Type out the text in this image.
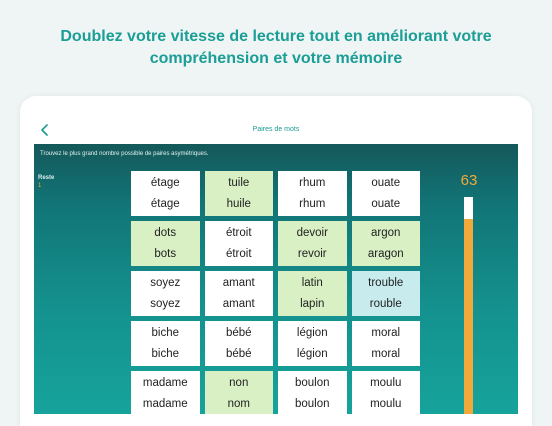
Doublez votre vitesse de lecture tout en améliorant votre
compréhension et votre mémoire
Paires de mots
Trouvez le plus grand nombre possible de paires asymétriques.
Reste
1	étage
étage
tuile
huile
rhum
rhum
ouate
ouate
dots
bots
étroit
étroit
devoir
revoir
argon
aragon
soyez
soyez
amant
amant
latin
lapin
trouble
rouble
biche
biche
bébé
bébé
légion
légion
moral
moral
madame
madame
non
nom
boulon
boulon
moulu
moulu
63
